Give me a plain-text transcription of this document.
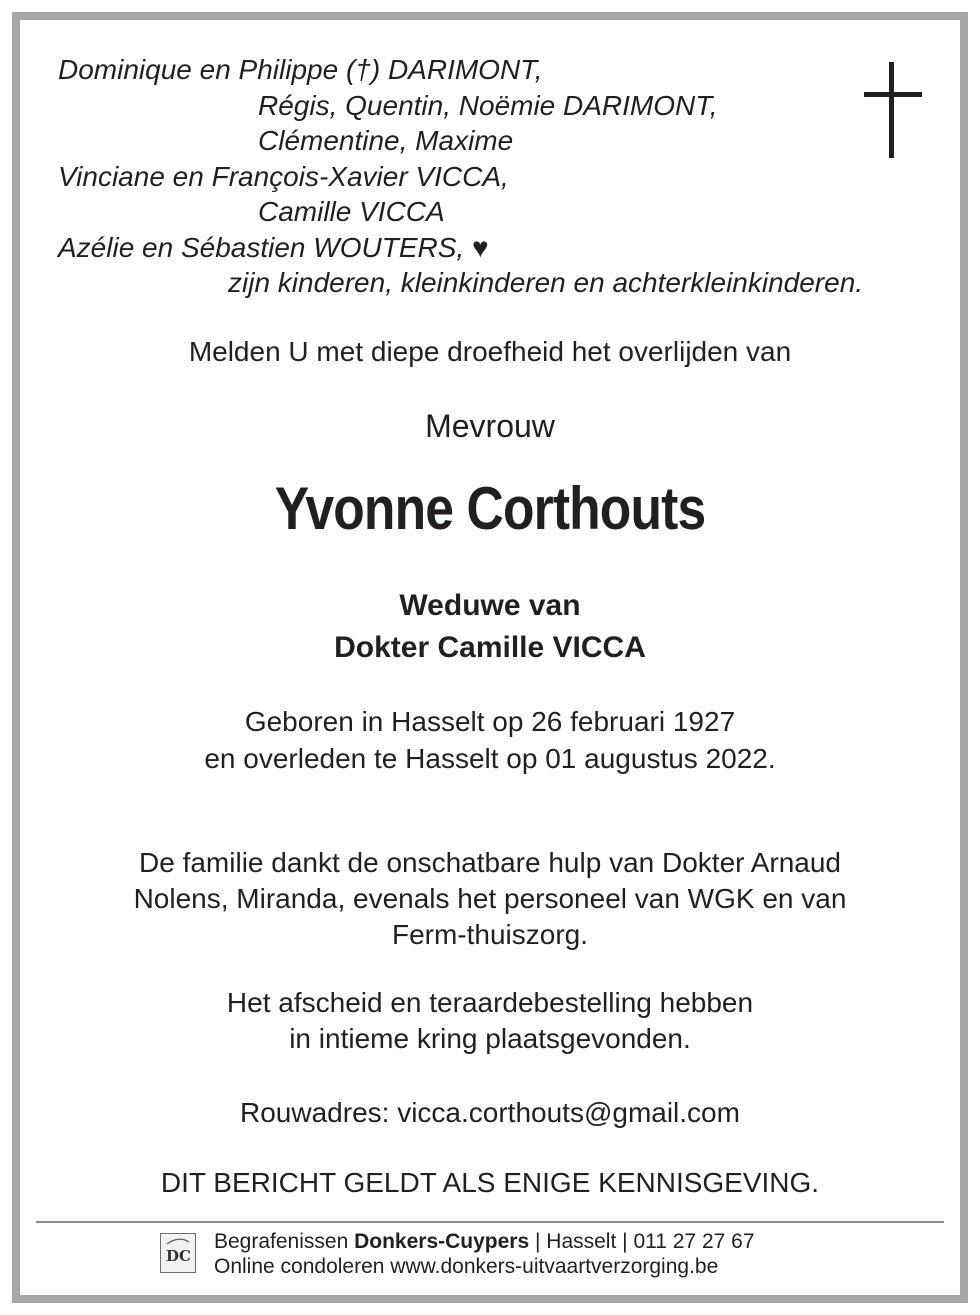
Dominique en Philippe (†) DARIMONT,
Régis, Quentin, Noëmie DARIMONT,
Clémentine, Maxime
Vinciane en François-Xavier VICCA,
Camille VICCA
Azélie en Sébastien WOUTERS, ♥
zijn kinderen, kleinkinderen en achterkleinkinderen.
Melden U met diepe droefheid het overlijden van
Mevrouw
Yvonne Corthouts
Weduwe van
Dokter Camille VICCA
Geboren in Hasselt op 26 februari 1927
en overleden te Hasselt op 01 augustus 2022.
De familie dankt de onschatbare hulp van Dokter Arnaud
Nolens, Miranda, evenals het personeel van WGK en van
Ferm-thuiszorg.
Het afscheid en teraardebestelling hebben
in intieme kring plaatsgevonden.
Rouwadres: vicca.corthouts@gmail.com
DIT BERICHT GELDT ALS ENIGE KENNISGEVING.
DC
Begrafenissen Donkers-Cuypers | Hasselt | 011 27 27 67
Online condoleren www.donkers-uitvaartverzorging.be
